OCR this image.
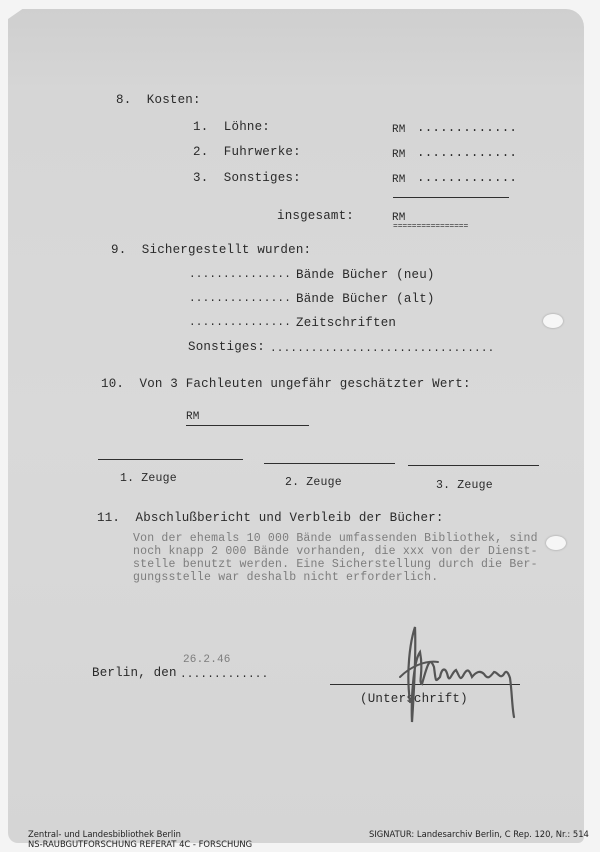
8.  Kosten:
1.  Löhne:	RM .............
2.  Fuhrwerke:	RM .............
3.  Sonstiges:	RM .............
insgesamt:	RM
================
9.  Sichergestellt wurden:
............... Bände Bücher (neu)
............... Bände Bücher (alt)
............... Zeitschriften
Sonstiges: .................................
10.  Von 3 Fachleuten ungefähr geschätzter Wert:
RM
1. Zeuge	2. Zeuge	3. Zeuge
11.  Abschlußbericht und Verbleib der Bücher:
Von der ehemals 10 000 Bände umfassenden Bibliothek, sind
noch knapp 2 000 Bände vorhanden, die xxx von der Dienst-
stelle benutzt werden. Eine Sicherstellung durch die Ber-
gungsstelle war deshalb nicht erforderlich.
26.2.46
Berlin, den .............
(Unterschrift)
Zentral- und Landesbibliothek Berlin
NS-RAUBGUTFORSCHUNG REFERAT 4C - FORSCHUNG
SIGNATUR: Landesarchiv Berlin, C Rep. 120, Nr.: 514
